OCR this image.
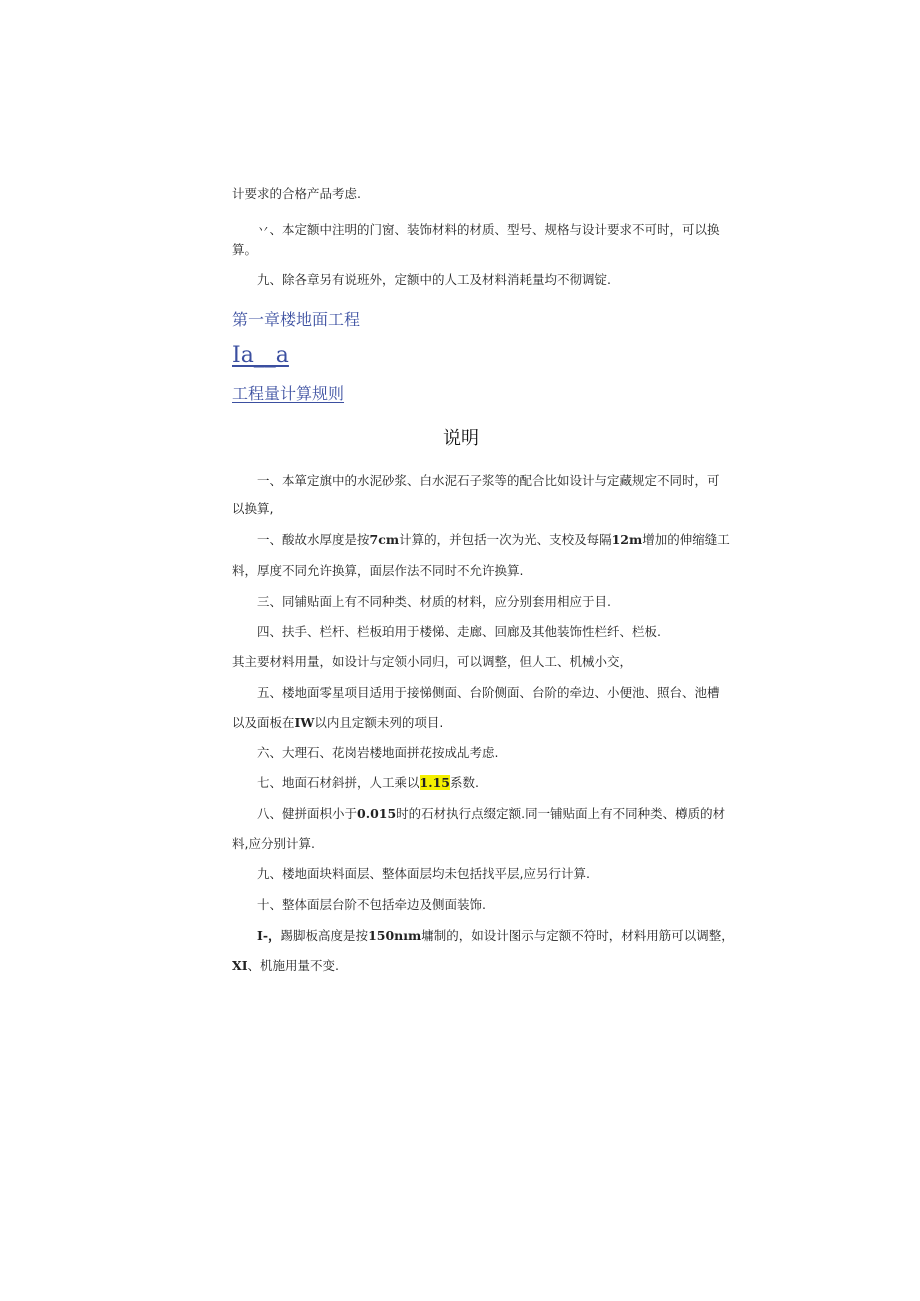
计要求的合格产品考虑.
丷、本定额中注明的门窗、装饰材料的材质、型号、规格与设计要求不可时，可以换
算。
九、除各章另有说班外，定额中的人工及材料消耗量均不彻调锭.
第一章楼地面工程
Ia__a
工程量计算规则
说明
一、本箪定旗中的水泥砂浆、白水泥石子浆等的配合比如设计与定藏规定不同时，可
以换算,
一、酸故水厚度是按7cm计算的，并包括一次为光、支校及每隔12m增加的伸缩缝工
料，厚度不同允许换算，面层作法不同时不允许换算.
三、同铺贴面上有不同种类、材质的材料，应分别套用相应于目.
四、扶手、栏杆、栏板珀用于楼悌、走廊、回廊及其他装饰性栏纤、栏板.
其主要材料用量，如设计与定领小同归，可以调整，但人工、机械小交，
五、楼地面零星项目适用于接悌侧面、台阶侧面、台阶的牵边、小便池、照台、池槽
以及面板在IW以内且定额未列的项目.
六、大理石、花岗岩楼地面拼花按成乩考虑.
七、地面石材斜拼，人工乘以1.15系数.
八、健拼面枳小于0.015时的石材执行点缀定额.同一铺贴面上有不同种类、樽质的材
料,应分别计算.
九、楼地面块料面层、整体面层均未包括找平层,应另行计算.
十、整体面层台阶不包括牵边及侧面装饰.
I-，踢脚板高度是按150nım墉制的，如设计图示与定额不符时，材料用筋可以调整，
XI、机施用量不变.
